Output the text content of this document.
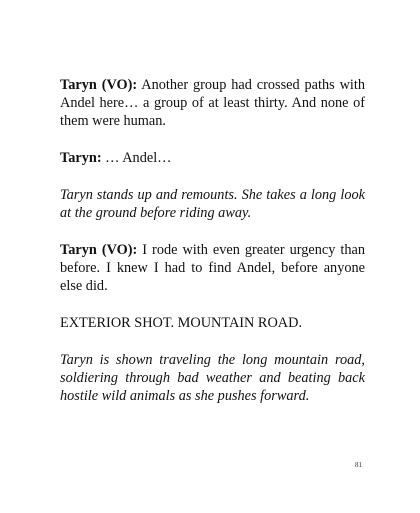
Taryn (VO): Another group had crossed paths with Andel here… a group of at least thirty. And none of them were human.

Taryn: … Andel…

Taryn stands up and remounts. She takes a long look at the ground before riding away.

Taryn (VO): I rode with even greater urgency than before. I knew I had to find Andel, before anyone else did.

EXTERIOR SHOT. MOUNTAIN ROAD.

Taryn is shown traveling the long mountain road, soldiering through bad weather and beating back hostile wild animals as she pushes forward.

81
